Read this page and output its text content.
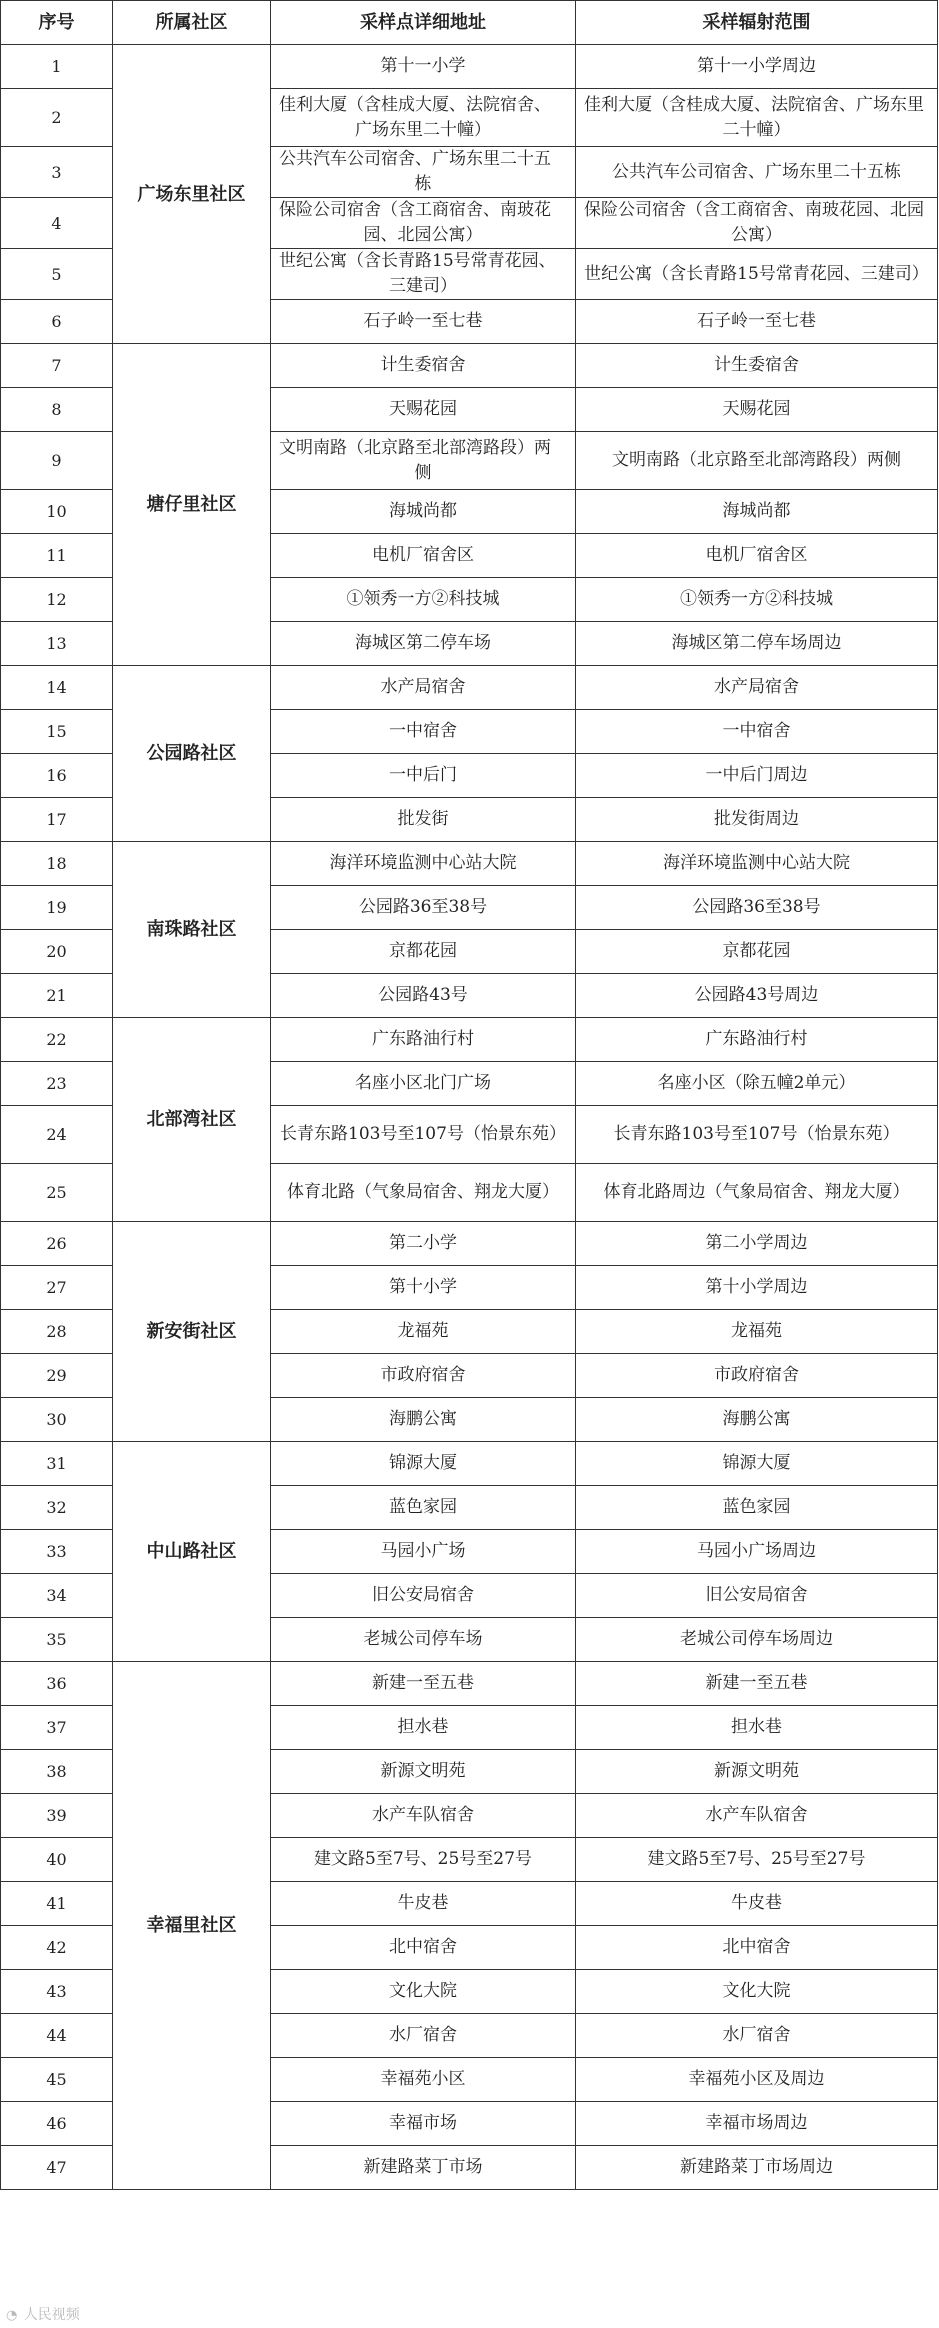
序号	所属社区	采样点详细地址	采样辐射范围
1	广场东里社区	第十一小学	第十一小学周边
2		佳利大厦（含桂成大厦、法院宿舍、广场东里二十幢）	佳利大厦（含桂成大厦、法院宿舍、广场东里二十幢）
3		公共汽车公司宿舍、广场东里二十五栋	公共汽车公司宿舍、广场东里二十五栋
4		保险公司宿舍（含工商宿舍、南玻花园、北园公寓）	保险公司宿舍（含工商宿舍、南玻花园、北园公寓）
5		世纪公寓（含长青路15号常青花园、三建司）	世纪公寓（含长青路15号常青花园、三建司）
6		石子岭一至七巷	石子岭一至七巷
7	塘仔里社区	计生委宿舍	计生委宿舍
8		天赐花园	天赐花园
9		文明南路（北京路至北部湾路段）两侧	文明南路（北京路至北部湾路段）两侧
10		海城尚都	海城尚都
11		电机厂宿舍区	电机厂宿舍区
12		①领秀一方②科技城	①领秀一方②科技城
13		海城区第二停车场	海城区第二停车场周边
14	公园路社区	水产局宿舍	水产局宿舍
15		一中宿舍	一中宿舍
16		一中后门	一中后门周边
17		批发街	批发街周边
18	南珠路社区	海洋环境监测中心站大院	海洋环境监测中心站大院
19		公园路36至38号	公园路36至38号
20		京都花园	京都花园
21		公园路43号	公园路43号周边
22	北部湾社区	广东路油行村	广东路油行村
23		名座小区北门广场	名座小区（除五幢2单元）
24		长青东路103号至107号（怡景东苑）	长青东路103号至107号（怡景东苑）
25		体育北路（气象局宿舍、翔龙大厦）	体育北路周边（气象局宿舍、翔龙大厦）
26	新安街社区	第二小学	第二小学周边
27		第十小学	第十小学周边
28		龙福苑	龙福苑
29		市政府宿舍	市政府宿舍
30		海鹏公寓	海鹏公寓
31	中山路社区	锦源大厦	锦源大厦
32		蓝色家园	蓝色家园
33		马园小广场	马园小广场周边
34		旧公安局宿舍	旧公安局宿舍
35		老城公司停车场	老城公司停车场周边
36	幸福里社区	新建一至五巷	新建一至五巷
37		担水巷	担水巷
38		新源文明苑	新源文明苑
39		水产车队宿舍	水产车队宿舍
40		建文路5至7号、25号至27号	建文路5至7号、25号至27号
41		牛皮巷	牛皮巷
42		北中宿舍	北中宿舍
43		文化大院	文化大院
44		水厂宿舍	水厂宿舍
45		幸福苑小区	幸福苑小区及周边
46		幸福市场	幸福市场周边
47		新建路菜丁市场	新建路菜丁市场周边
◔ 人民视频
